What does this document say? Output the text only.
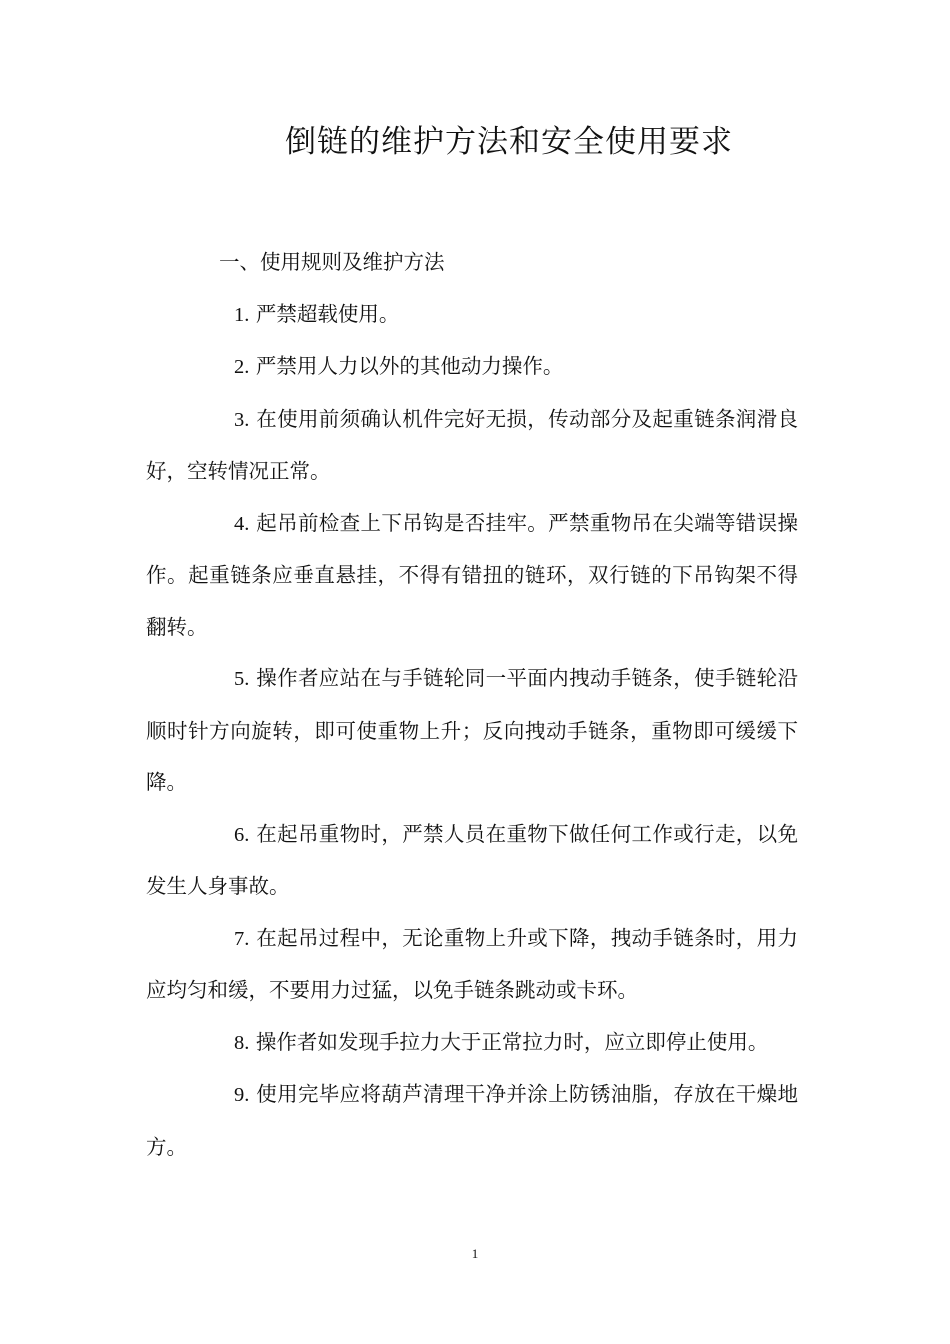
倒链的维护方法和安全使用要求

一、使用规则及维护方法

1. 严禁超载使用。

2. 严禁用人力以外的其他动力操作。

3. 在使用前须确认机件完好无损，传动部分及起重链条润滑良好，空转情况正常。

4. 起吊前检查上下吊钩是否挂牢。严禁重物吊在尖端等错误操作。起重链条应垂直悬挂，不得有错扭的链环，双行链的下吊钩架不得翻转。

5. 操作者应站在与手链轮同一平面内拽动手链条，使手链轮沿顺时针方向旋转，即可使重物上升；反向拽动手链条，重物即可缓缓下降。

6. 在起吊重物时，严禁人员在重物下做任何工作或行走，以免发生人身事故。

7. 在起吊过程中，无论重物上升或下降，拽动手链条时，用力应均匀和缓，不要用力过猛，以免手链条跳动或卡环。

8. 操作者如发现手拉力大于正常拉力时，应立即停止使用。

9. 使用完毕应将葫芦清理干净并涂上防锈油脂，存放在干燥地方。

1
